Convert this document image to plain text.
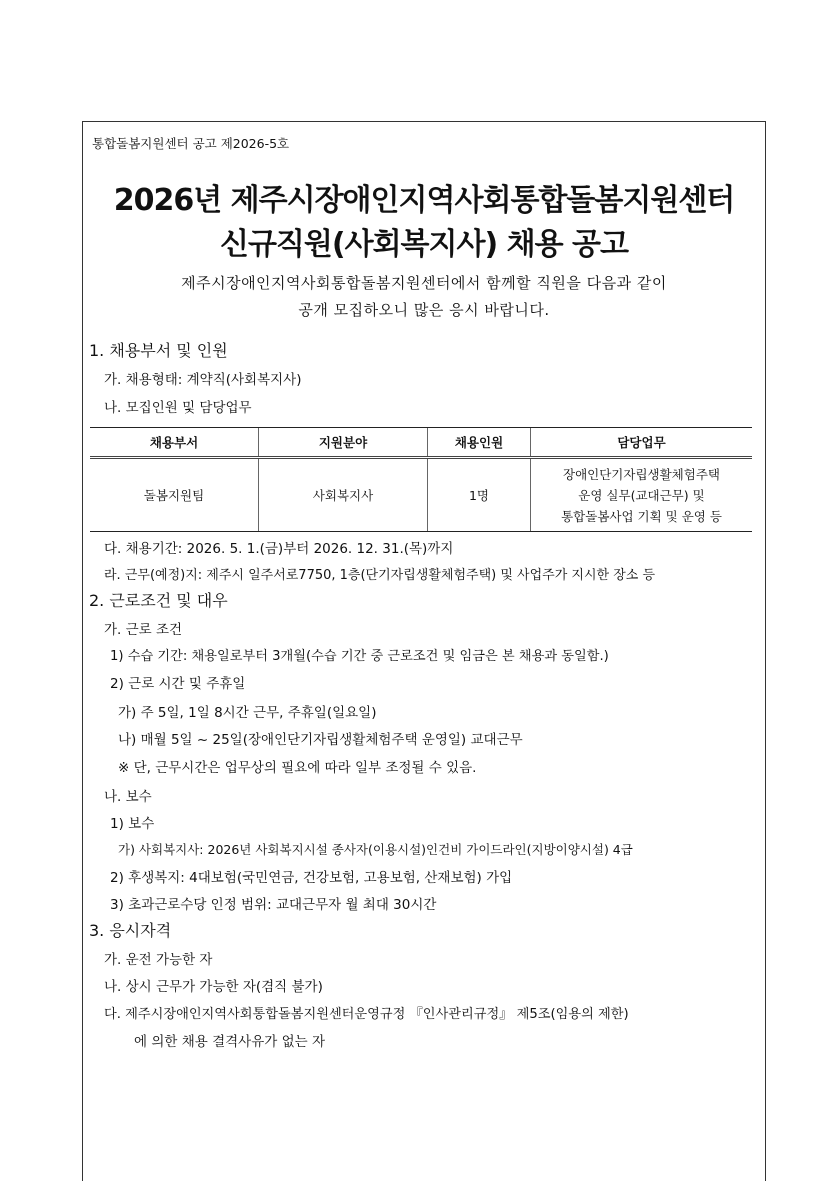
통합돌봄지원센터 공고 제2026-5호
2026년 제주시장애인지역사회통합돌봄지원센터
신규직원(사회복지사) 채용 공고
제주시장애인지역사회통합돌봄지원센터에서 함께할 직원을 다음과 같이
공개 모집하오니 많은 응시 바랍니다.
1. 채용부서 및 인원
가. 채용형태: 계약직(사회복지사)
나. 모집인원 및 담당업무
채용부서	지원분야	채용인원	담당업무
돌봄지원팀	사회복지사	1명	장애인단기자립생활체험주택
운영 실무(교대근무) 및
통합돌봄사업 기획 및 운영 등
다. 채용기간: 2026. 5. 1.(금)부터 2026. 12. 31.(목)까지
라. 근무(예정)지: 제주시 일주서로7750, 1층(단기자립생활체험주택) 및 사업주가 지시한 장소 등
2. 근로조건 및 대우
가. 근로 조건
1) 수습 기간: 채용일로부터 3개월(수습 기간 중 근로조건 및 임금은 본 채용과 동일함.)
2) 근로 시간 및 주휴일
가) 주 5일, 1일 8시간 근무, 주휴일(일요일)
나) 매월 5일 ~ 25일(장애인단기자립생활체험주택 운영일) 교대근무
※ 단, 근무시간은 업무상의 필요에 따라 일부 조정될 수 있음.
나. 보수
1) 보수
가) 사회복지사: 2026년 사회복지시설 종사자(이용시설)인건비 가이드라인(지방이양시설) 4급
2) 후생복지: 4대보험(국민연금, 건강보험, 고용보험, 산재보험) 가입
3) 초과근로수당 인정 범위: 교대근무자 월 최대 30시간
3. 응시자격
가. 운전 가능한 자
나. 상시 근무가 가능한 자(겸직 불가)
다. 제주시장애인지역사회통합돌봄지원센터운영규정 『인사관리규정』 제5조(임용의 제한)
에 의한 채용 결격사유가 없는 자
